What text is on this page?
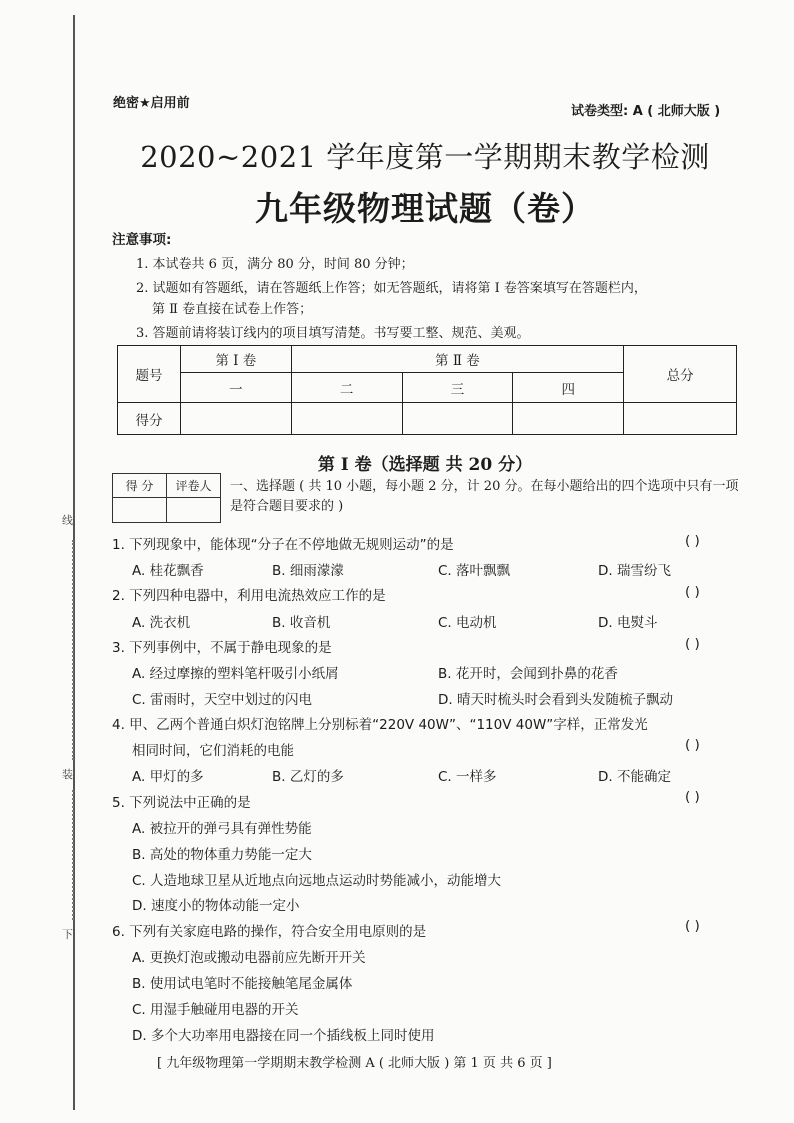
线
装
下
绝密★启用前
试卷类型: A ( 北师大版 )
2020~2021 学年度第一学期期末教学检测
九年级物理试题（卷）
注意事项:
1. 本试卷共 6 页，满分 80 分，时间 80 分钟；
2. 试题如有答题纸，请在答题纸上作答；如无答题纸，请将第 Ⅰ 卷答案填写在答题栏内，
第 Ⅱ 卷直接在试卷上作答；
3. 答题前请将装订线内的项目填写清楚。书写要工整、规范、美观。
题号	第 Ⅰ 卷	第 Ⅱ 卷			总分
	一	二	三	四	
得分					
第 Ⅰ 卷（选择题 共 20 分）
得 分	评卷人
	一、选择题 ( 共 10 小题，每小题 2 分，计 20 分。在每小题给出的四个选项中只有一项是符合题目要求的 )
1. 下列现象中，能体现“分子在不停地做无规则运动”的是	( )
A. 桂花飘香	B. 细雨濛濛	C. 落叶飘飘	D. 瑞雪纷飞
2. 下列四种电器中，利用电流热效应工作的是	( )
A. 洗衣机	B. 收音机	C. 电动机	D. 电熨斗
3. 下列事例中，不属于静电现象的是	( )
A. 经过摩擦的塑料笔杆吸引小纸屑	B. 花开时，会闻到扑鼻的花香
C. 雷雨时，天空中划过的闪电	D. 晴天时梳头时会看到头发随梳子飘动
4. 甲、乙两个普通白炽灯泡铭牌上分别标着“220V 40W”、“110V 40W”字样，正常发光
相同时间，它们消耗的电能	( )
A. 甲灯的多	B. 乙灯的多	C. 一样多	D. 不能确定
5. 下列说法中正确的是	( )
A. 被拉开的弹弓具有弹性势能
B. 高处的物体重力势能一定大
C. 人造地球卫星从近地点向远地点运动时势能减小，动能增大
D. 速度小的物体动能一定小
6. 下列有关家庭电路的操作，符合安全用电原则的是	( )
A. 更换灯泡或搬动电器前应先断开开关
B. 使用试电笔时不能接触笔尾金属体
C. 用湿手触碰用电器的开关
D. 多个大功率用电器接在同一个插线板上同时使用
[ 九年级物理第一学期期末教学检测 A ( 北师大版 ) 第 1 页 共 6 页 ]
